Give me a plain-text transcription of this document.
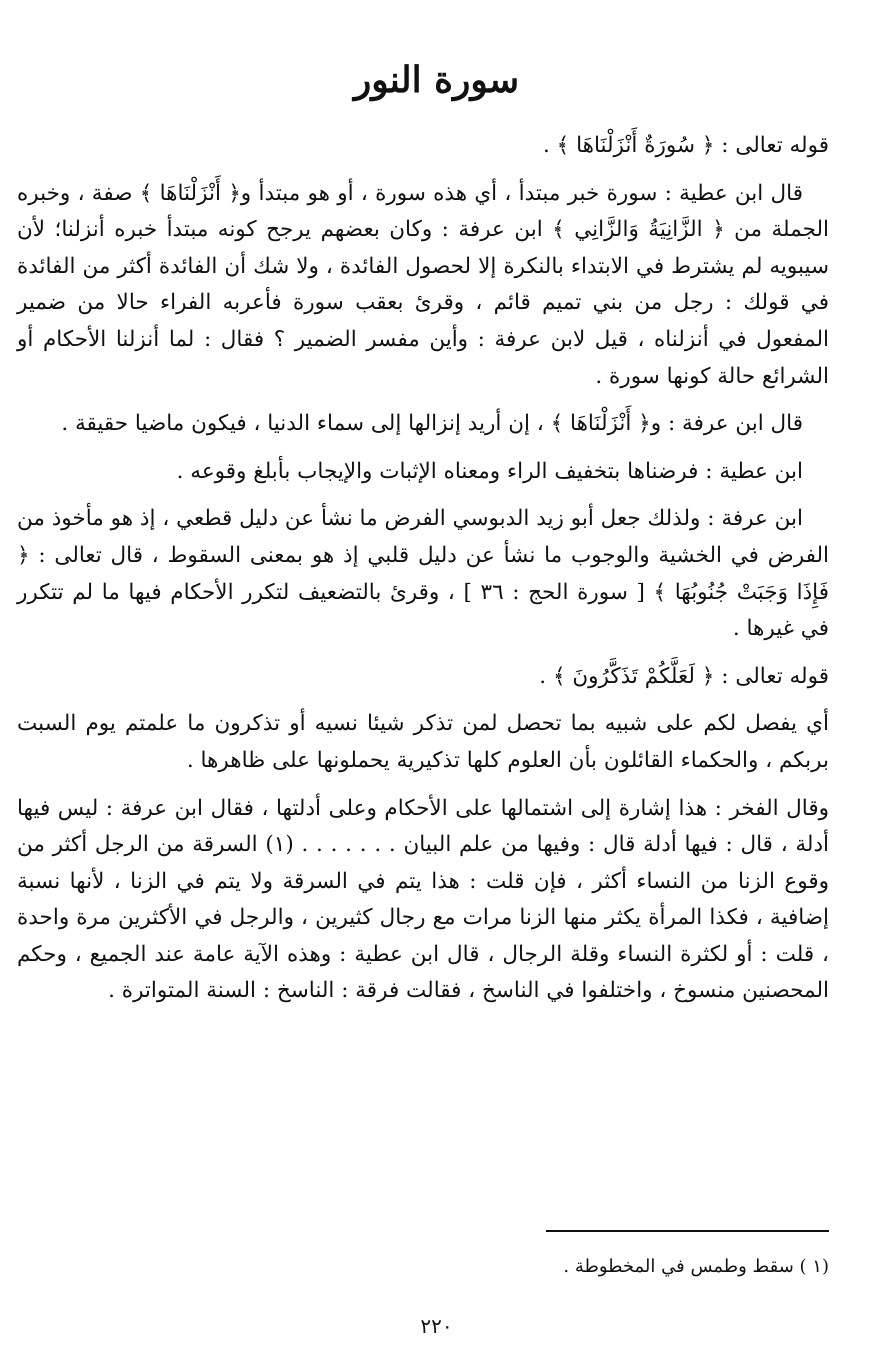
سورة النور

قوله تعالى : ﴿ سُورَةٌ أَنْزَلْنَاهَا ﴾ .

قال ابن عطية : سورة خبر مبتدأ ، أي هذه سورة ، أو هو مبتدأ و﴿ أَنْزَلْنَاهَا ﴾ صفة ، وخبره الجملة من ﴿ الزَّانِيَةُ وَالزَّانِي ﴾ ابن عرفة : وكان بعضهم يرجح كونه مبتدأ خبره أنزلنا؛ لأن سيبويه لم يشترط في الابتداء بالنكرة إلا لحصول الفائدة ، ولا شك أن الفائدة أكثر من الفائدة في قولك : رجل من بني تميم قائم ، وقرئ بعقب سورة فأعربه الفراء حالا من ضمير المفعول في أنزلناه ، قيل لابن عرفة : وأين مفسر الضمير ؟ فقال : لما أنزلنا الأحكام أو الشرائع حالة كونها سورة .

قال ابن عرفة : و﴿ أَنْزَلْنَاهَا ﴾ ، إن أريد إنزالها إلى سماء الدنيا ، فيكون ماضيا حقيقة .

ابن عطية : فرضناها بتخفيف الراء ومعناه الإثبات والإيجاب بأبلغ وقوعه .

ابن عرفة : ولذلك جعل أبو زيد الدبوسي الفرض ما نشأ عن دليل قطعي ، إذ هو مأخوذ من الفرض في الخشية والوجوب ما نشأ عن دليل قلبي إذ هو بمعنى السقوط ، قال تعالى : ﴿ فَإِذَا وَجَبَتْ جُنُوبُهَا ﴾ [ سورة الحج : ٣٦ ] ، وقرئ بالتضعيف لتكرر الأحكام فيها ما لم تتكرر في غيرها .

قوله تعالى : ﴿ لَعَلَّكُمْ تَذَكَّرُونَ ﴾ .

أي يفصل لكم على شبيه بما تحصل لمن تذكر شيئا نسيه أو تذكرون ما علمتم يوم السبت بربكم ، والحكماء القائلون بأن العلوم كلها تذكيرية يحملونها على ظاهرها .

وقال الفخر : هذا إشارة إلى اشتمالها على الأحكام وعلى أدلتها ، فقال ابن عرفة : ليس فيها أدلة ، قال : فيها أدلة قال : وفيها من علم البيان . . . . . . . (١) السرقة من الرجل أكثر من وقوع الزنا من النساء أكثر ، فإن قلت : هذا يتم في السرقة ولا يتم في الزنا ، لأنها نسبة إضافية ، فكذا المرأة يكثر منها الزنا مرات مع رجال كثيرين ، والرجل في الأكثرين مرة واحدة ، قلت : أو لكثرة النساء وقلة الرجال ، قال ابن عطية : وهذه الآية عامة عند الجميع ، وحكم المحصنين منسوخ ، واختلفوا في الناسخ ، فقالت فرقة : الناسخ : السنة المتواترة .

(١ ) سقط وطمس في المخطوطة .
٢٢٠
